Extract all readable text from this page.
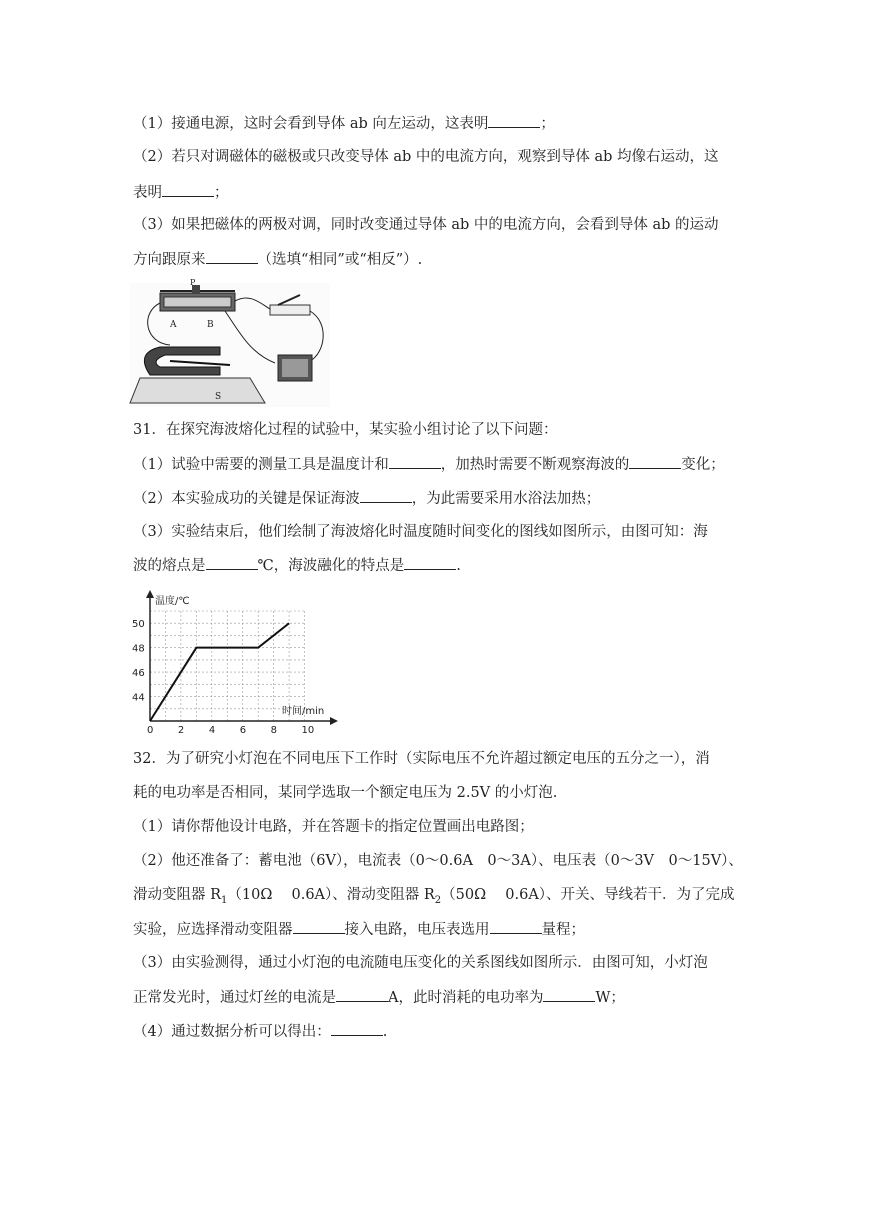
（1）接通电源，这时会看到导体 ab 向左运动，这表明	；
（2）若只对调磁体的磁极或只改变导体 ab 中的电流方向，观察到导体 ab 均像右运动，这
表明	；
（3）如果把磁体的两极对调，同时改变通过导体 ab 中的电流方向，会看到导体 ab 的运动
方向跟原来	（选填“相同”或“相反”）.
P
A	B
S
31．在探究海波熔化过程的试验中，某实验小组讨论了以下问题：
（1）试验中需要的测量工具是温度计和	，加热时需要不断观察海波的	变化；
（2）本实验成功的关键是保证海波	，为此需要采用水浴法加热；
（3）实验结束后，他们绘制了海波熔化时温度随时间变化的图线如图所示，由图可知：海
波的熔点是	℃，海波融化的特点是	.
温度/℃
时间/min
0 2 4 6 8 10
44
46
48
50
32．为了研究小灯泡在不同电压下工作时（实际电压不允许超过额定电压的五分之一），消
耗的电功率是否相同，某同学选取一个额定电压为 2.5V 的小灯泡.
（1）请你帮他设计电路，并在答题卡的指定位置画出电路图；
（2）他还准备了：蓄电池（6V），电流表（0～0.6A　0～3A）、电压表（0～3V　0～15V）、
滑动变阻器 $R_1(10\Omega$　 0.6A）、滑动变阻器 $R_2(50\Omega$　 0.6A）、开关、导线若干．为了完成
实验，应选择滑动变阻器	接入电路，电压表选用	量程；
（3）由实验测得，通过小灯泡的电流随电压变化的关系图线如图所示．由图可知，小灯泡
正常发光时，通过灯丝的电流是	A，此时消耗的电功率为	W；
（4）通过数据分析可以得出：	.
